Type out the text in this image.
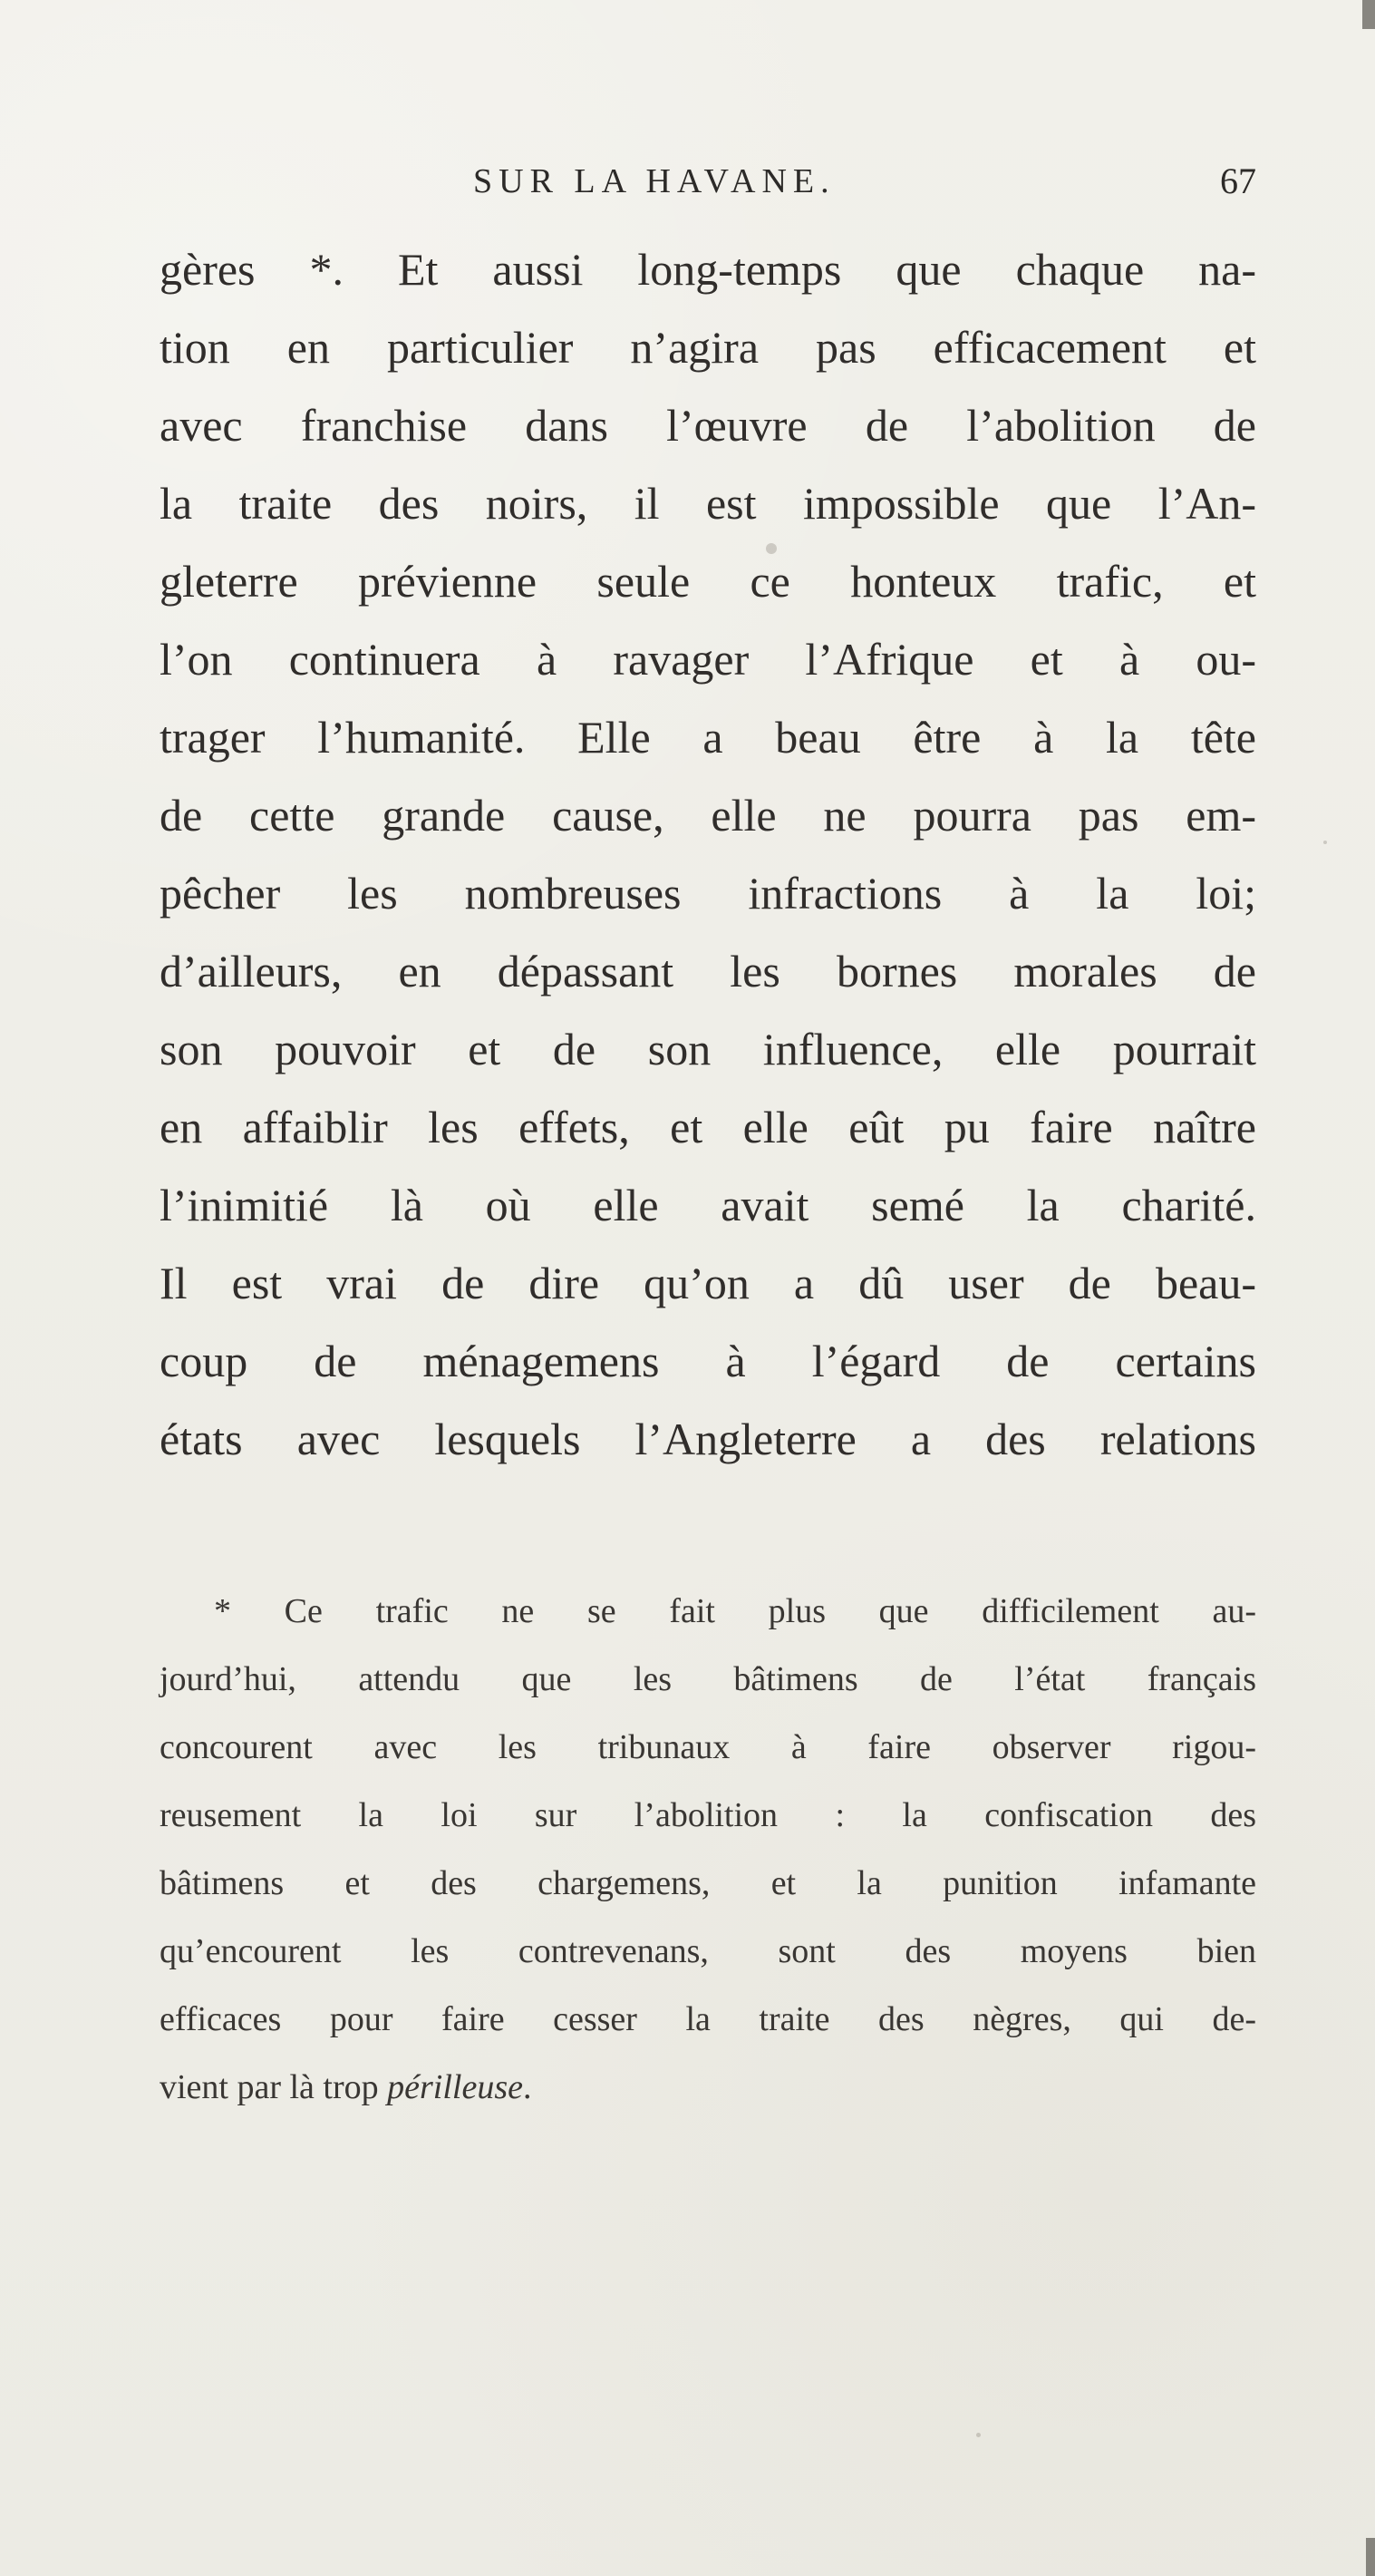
SUR LA HAVANE.	67
gères *. Et aussi long-temps que chaque na-
tion en particulier n’agira pas efficacement et
avec franchise dans l’œuvre de l’abolition de
la traite des noirs, il est impossible que l’An-
gleterre prévienne seule ce honteux trafic, et
l’on continuera à ravager l’Afrique et à ou-
trager l’humanité. Elle a beau être à la tête
de cette grande cause, elle ne pourra pas em-
pêcher les nombreuses infractions à la loi;
d’ailleurs, en dépassant les bornes morales de
son pouvoir et de son influence, elle pourrait
en affaiblir les effets, et elle eût pu faire naître
l’inimitié là où elle avait semé la charité.
Il est vrai de dire qu’on a dû user de beau-
coup de ménagemens à l’égard de certains
états avec lesquels l’Angleterre a des relations
* Ce trafic ne se fait plus que difficilement au-
jourd’hui, attendu que les bâtimens de l’état français
concourent avec les tribunaux à faire observer rigou-
reusement la loi sur l’abolition : la confiscation des
bâtimens et des chargemens, et la punition infamante
qu’encourent les contrevenans, sont des moyens bien
efficaces pour faire cesser la traite des nègres, qui de-
vient par là trop périlleuse.
